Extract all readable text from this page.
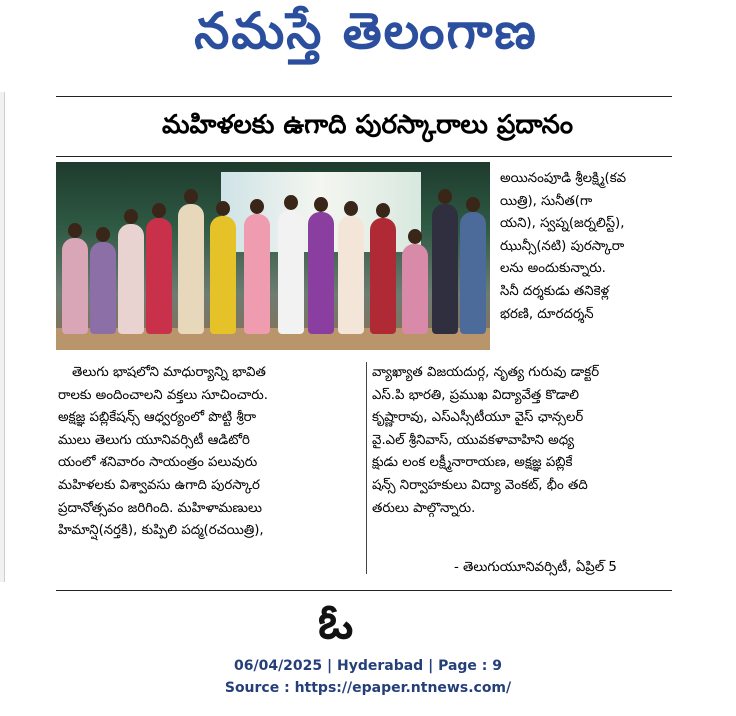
నమస్తే తెలంగాణ
మహిళలకు ఉగాది పురస్కారాలు ప్రదానం
అయినంపూడి శ్రీలక్ష్మి(కవ
యిత్రి), సునీత(గా
యని), స్వప్న(జర్నలిస్ట్),
ఝున్సీ(నటి) పురస్కారా
లను అందుకున్నారు.
సినీ దర్శకుడు తనికెళ్ల
భరణి, దూరదర్శన్
తెలుగు భాషలోని మాధుర్యాన్ని భావిత
రాలకు అందించాలని వక్తలు సూచించారు.
అక్షజ్ఞ పబ్లికేషన్స్ ఆధ్వర్యంలో పొట్టి శ్రీరా
ములు తెలుగు యూనివర్సిటీ ఆడిటోరి
యంలో శనివారం సాయంత్రం పలువురు
మహిళలకు విశ్వావసు ఉగాది పురస్కార
ప్రదానోత్సవం జరిగింది. మహిళామణులు
హిమాన్షి(నర్తకి), కుప్పిలి పద్మ(రచయిత్రి),
వ్యాఖ్యాత విజయదుర్గ, నృత్య గురువు డాక్టర్
ఎస్.పి భారతి, ప్రముఖ విద్యావేత్త కొడాలి
కృష్ణారావు, ఎస్ఎస్సీటీయూ వైస్ ఛాన్సలర్
వై.ఎల్ శ్రీనివాస్, యువకళావాహిని అధ్య
క్షుడు లంక లక్ష్మీనారాయణ, అక్షజ్ఞ పబ్లికే
షన్స్ నిర్వాహకులు విద్యా వెంకట్, భీం తది
తరులు పాల్గొన్నారు.
- తెలుగుయూనివర్సిటీ, ఏప్రిల్ 5
ఓ
06/04/2025 | Hyderabad | Page : 9
Source : https://epaper.ntnews.com/
